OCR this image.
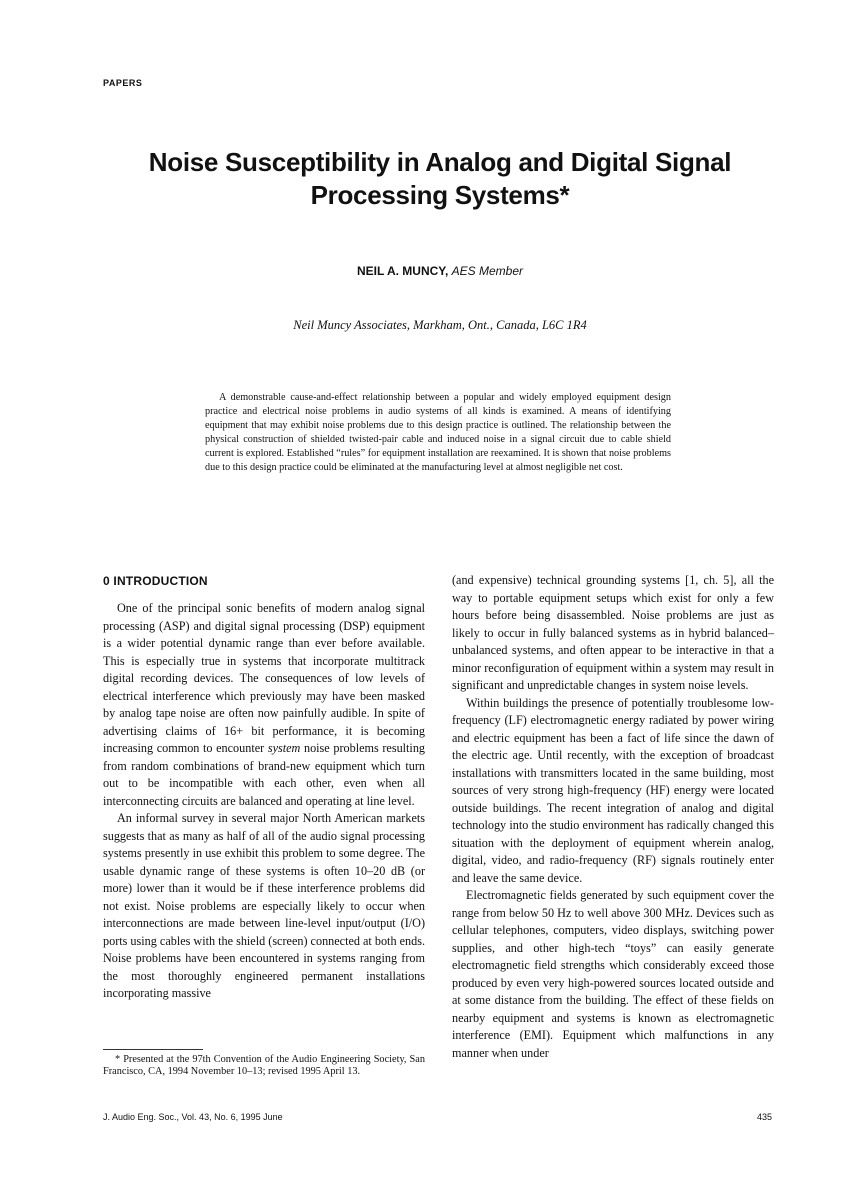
PAPERS
Noise Susceptibility in Analog and Digital Signal Processing Systems*
NEIL A. MUNCY, AES Member
Neil Muncy Associates, Markham, Ont., Canada, L6C 1R4

A demonstrable cause-and-effect relationship between a popular and widely employed equipment design practice and electrical noise problems in audio systems of all kinds is examined. A means of identifying equipment that may exhibit noise problems due to this design practice is outlined. The relationship between the physical construction of shielded twisted-pair cable and induced noise in a signal circuit due to cable shield current is explored. Established “rules” for equipment installation are reexamined. It is shown that noise problems due to this design practice could be eliminated at the manufacturing level at almost negligible net cost.

0 INTRODUCTION

One of the principal sonic benefits of modern analog signal processing (ASP) and digital signal processing (DSP) equipment is a wider potential dynamic range than ever before available. This is especially true in systems that incorporate multitrack digital recording devices. The consequences of low levels of electrical interference which previously may have been masked by analog tape noise are often now painfully audible. In spite of advertising claims of 16+ bit performance, it is becoming increasing common to encounter system noise problems resulting from random combinations of brand-new equipment which turn out to be incompatible with each other, even when all interconnecting circuits are balanced and operating at line level.

An informal survey in several major North American markets suggests that as many as half of all of the audio signal processing systems presently in use exhibit this problem to some degree. The usable dynamic range of these systems is often 10–20 dB (or more) lower than it would be if these interference problems did not exist. Noise problems are especially likely to occur when interconnections are made between line-level input/output (I/O) ports using cables with the shield (screen) connected at both ends. Noise problems have been encountered in systems ranging from the most thoroughly engineered permanent installations incorporating massive

(and expensive) technical grounding systems [1, ch. 5], all the way to portable equipment setups which exist for only a few hours before being disassembled. Noise problems are just as likely to occur in fully balanced systems as in hybrid balanced–unbalanced systems, and often appear to be interactive in that a minor reconfiguration of equipment within a system may result in significant and unpredictable changes in system noise levels.

Within buildings the presence of potentially troublesome low-frequency (LF) electromagnetic energy radiated by power wiring and electric equipment has been a fact of life since the dawn of the electric age. Until recently, with the exception of broadcast installations with transmitters located in the same building, most sources of very strong high-frequency (HF) energy were located outside buildings. The recent integration of analog and digital technology into the studio environment has radically changed this situation with the deployment of equipment wherein analog, digital, video, and radio-frequency (RF) signals routinely enter and leave the same device.

Electromagnetic fields generated by such equipment cover the range from below 50 Hz to well above 300 MHz. Devices such as cellular telephones, computers, video displays, switching power supplies, and other high-tech “toys” can easily generate electromagnetic field strengths which considerably exceed those produced by even very high-powered sources located outside and at some distance from the building. The effect of these fields on nearby equipment and systems is known as electromagnetic interference (EMI). Equipment which malfunctions in any manner when under

* Presented at the 97th Convention of the Audio Engineering Society, San Francisco, CA, 1994 November 10–13; revised 1995 April 13.

J. Audio Eng. Soc., Vol. 43, No. 6, 1995 June	435
